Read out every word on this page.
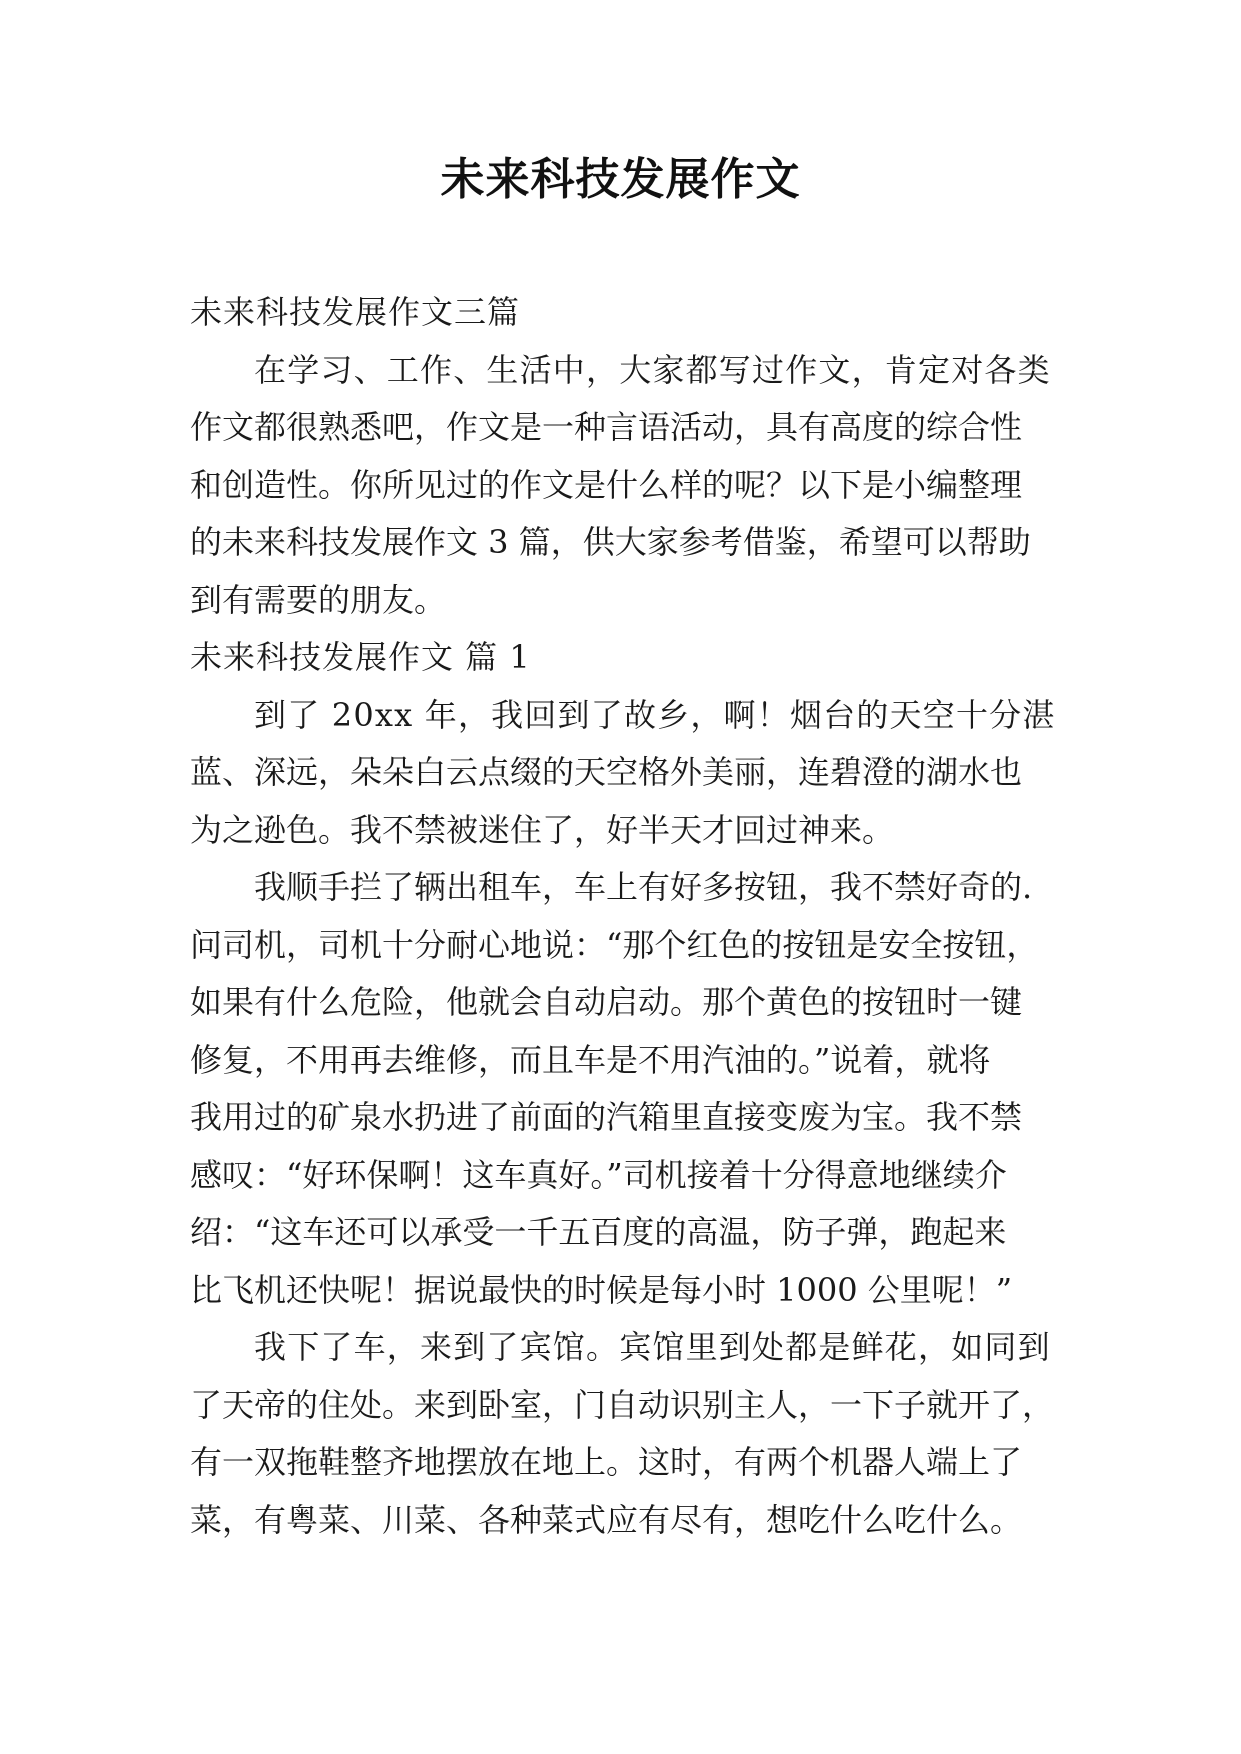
未来科技发展作文
未来科技发展作文三篇
在学习、工作、生活中，大家都写过作文，肯定对各类
作文都很熟悉吧，作文是一种言语活动，具有高度的综合性
和创造性。你所见过的作文是什么样的呢？以下是小编整理
的未来科技发展作文 3 篇，供大家参考借鉴，希望可以帮助
到有需要的朋友。
未来科技发展作文 篇 1
到了 20xx 年，我回到了故乡，啊！烟台的天空十分湛
蓝、深远，朵朵白云点缀的天空格外美丽，连碧澄的湖水也
为之逊色。我不禁被迷住了，好半天才回过神来。
我顺手拦了辆出租车，车上有好多按钮，我不禁好奇的.
问司机，司机十分耐心地说：“那个红色的按钮是安全按钮，
如果有什么危险，他就会自动启动。那个黄色的按钮时一键
修复，不用再去维修，而且车是不用汽油的。”说着，就将
我用过的矿泉水扔进了前面的汽箱里直接变废为宝。我不禁
感叹：“好环保啊！这车真好。”司机接着十分得意地继续介
绍：“这车还可以承受一千五百度的高温，防子弹，跑起来
比飞机还快呢！据说最快的时候是每小时 1000 公里呢！”
我下了车，来到了宾馆。宾馆里到处都是鲜花，如同到
了天帝的住处。来到卧室，门自动识别主人，一下子就开了，
有一双拖鞋整齐地摆放在地上。这时，有两个机器人端上了
菜，有粤菜、川菜、各种菜式应有尽有，想吃什么吃什么。
